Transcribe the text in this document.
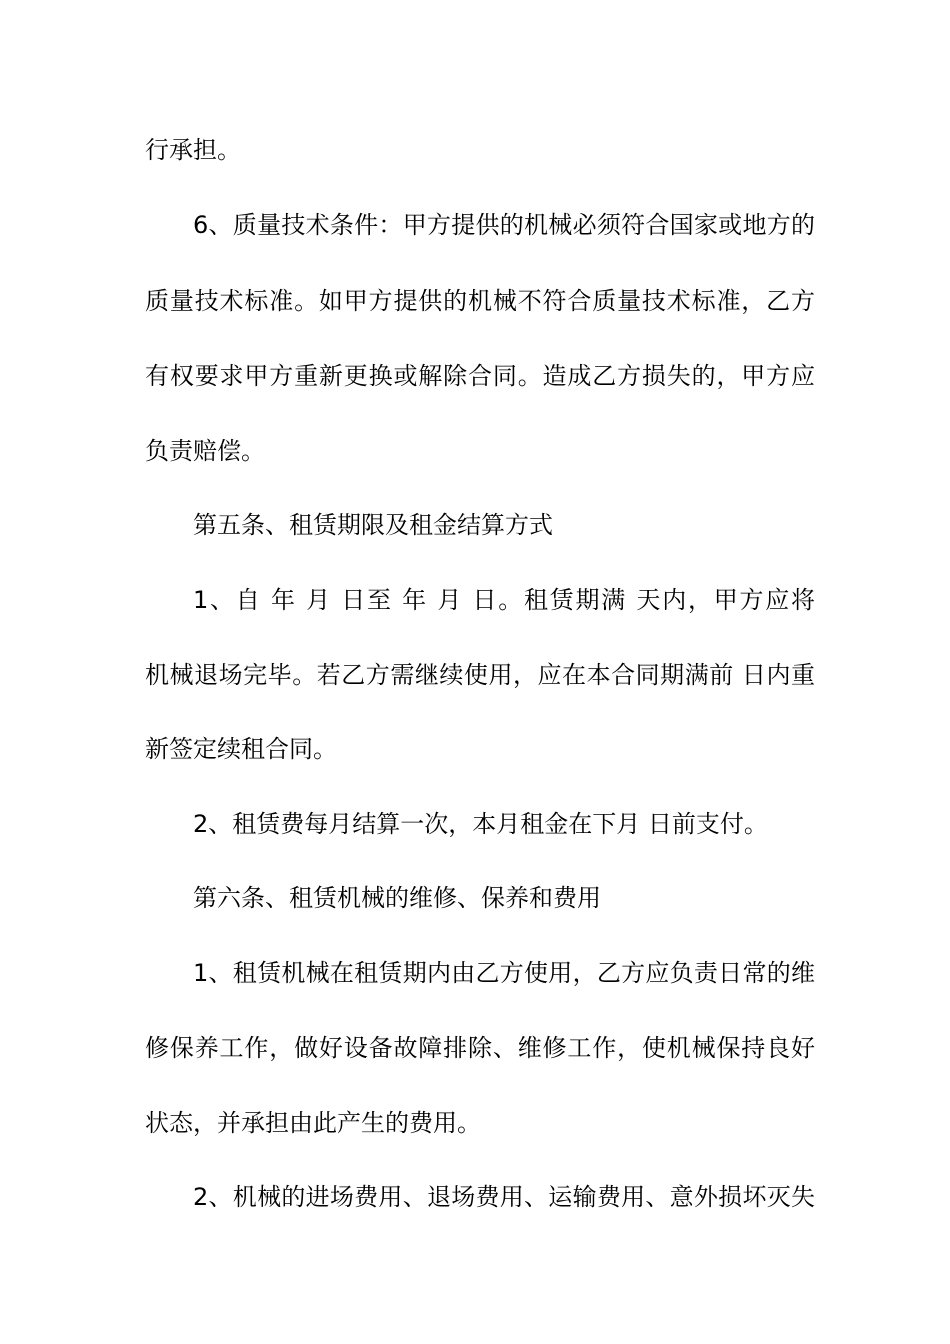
行承担。
6、质量技术条件：甲方提供的机械必须符合国家或地方的
质量技术标准。如甲方提供的机械不符合质量技术标准，乙方
有权要求甲方重新更换或解除合同。造成乙方损失的，甲方应
负责赔偿。
第五条、租赁期限及租金结算方式
1、自 年 月 日至 年 月 日。租赁期满 天内，甲方应将
机械退场完毕。若乙方需继续使用，应在本合同期满前 日内重
新签定续租合同。
2、租赁费每月结算一次，本月租金在下月 日前支付。
第六条、租赁机械的维修、保养和费用
1、租赁机械在租赁期内由乙方使用，乙方应负责日常的维
修保养工作，做好设备故障排除、维修工作，使机械保持良好
状态，并承担由此产生的费用。
2、机械的进场费用、退场费用、运输费用、意外损坏灭失
